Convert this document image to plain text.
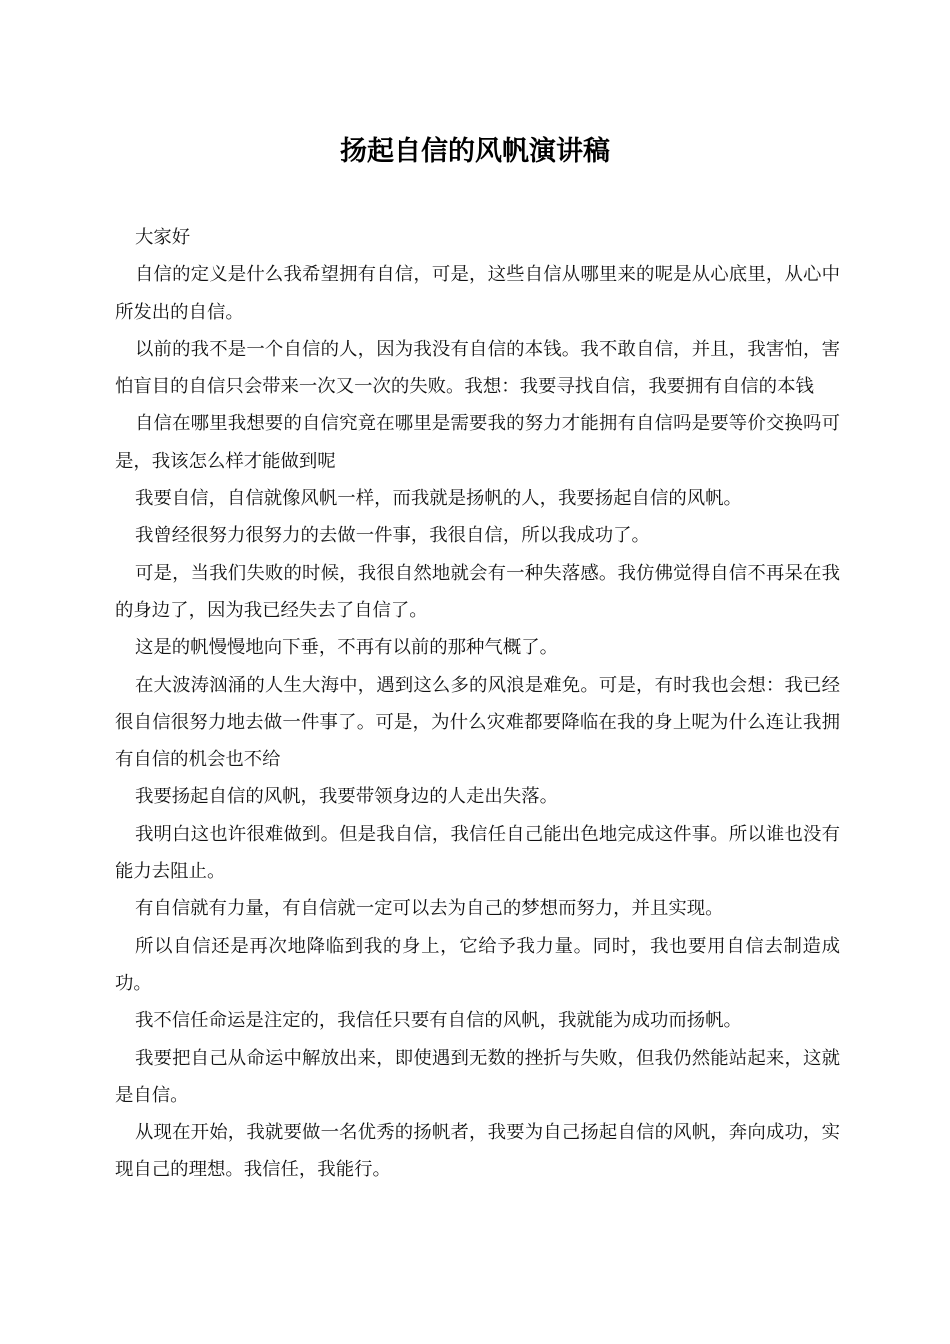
扬起自信的风帆演讲稿

大家好

自信的定义是什么我希望拥有自信，可是，这些自信从哪里来的呢是从心底里，从心中所发出的自信。

以前的我不是一个自信的人，因为我没有自信的本钱。我不敢自信，并且，我害怕，害怕盲目的自信只会带来一次又一次的失败。我想：我要寻找自信，我要拥有自信的本钱

自信在哪里我想要的自信究竟在哪里是需要我的努力才能拥有自信吗是要等价交换吗可是，我该怎么样才能做到呢

我要自信，自信就像风帆一样，而我就是扬帆的人，我要扬起自信的风帆。

我曾经很努力很努力的去做一件事，我很自信，所以我成功了。

可是，当我们失败的时候，我很自然地就会有一种失落感。我仿佛觉得自信不再呆在我的身边了，因为我已经失去了自信了。

这是的帆慢慢地向下垂，不再有以前的那种气概了。

在大波涛汹涌的人生大海中，遇到这么多的风浪是难免。可是，有时我也会想：我已经很自信很努力地去做一件事了。可是，为什么灾难都要降临在我的身上呢为什么连让我拥有自信的机会也不给

我要扬起自信的风帆，我要带领身边的人走出失落。

我明白这也许很难做到。但是我自信，我信任自己能出色地完成这件事。所以谁也没有能力去阻止。

有自信就有力量，有自信就一定可以去为自己的梦想而努力，并且实现。

所以自信还是再次地降临到我的身上，它给予我力量。同时，我也要用自信去制造成功。

我不信任命运是注定的，我信任只要有自信的风帆，我就能为成功而扬帆。

我要把自己从命运中解放出来，即使遇到无数的挫折与失败，但我仍然能站起来，这就是自信。

从现在开始，我就要做一名优秀的扬帆者，我要为自己扬起自信的风帆，奔向成功，实现自己的理想。我信任，我能行。
